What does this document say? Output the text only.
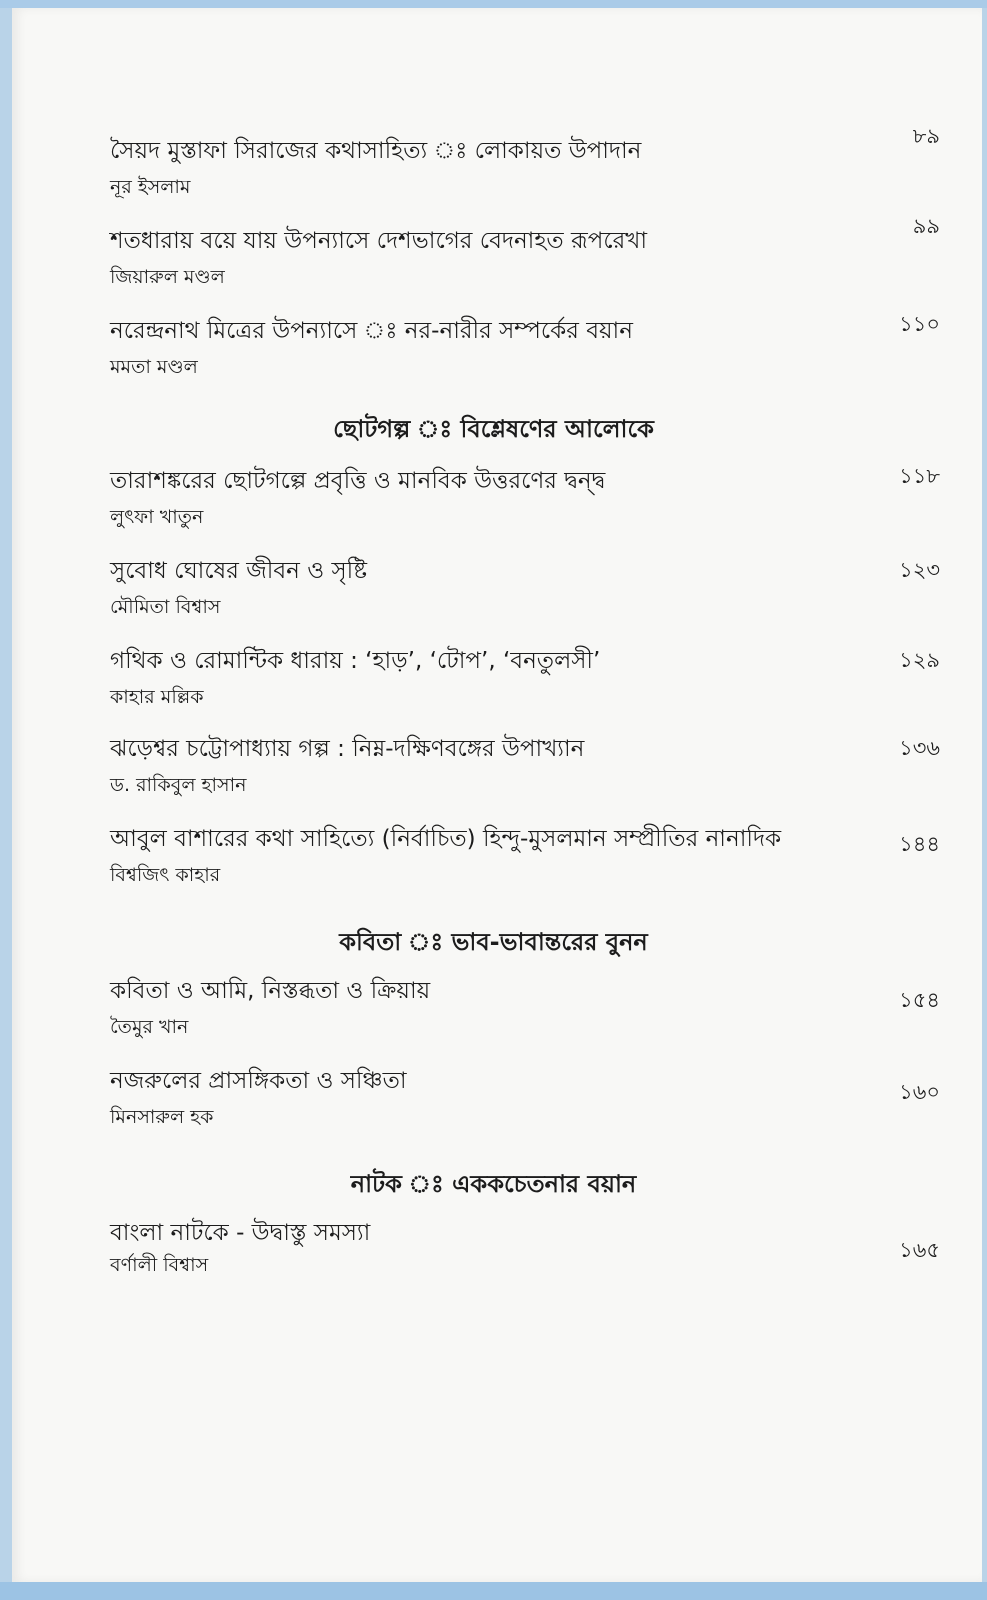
সৈয়দ মুস্তাফা সিরাজের কথাসাহিত্য ঃ লোকায়ত উপাদান
নূর ইসলাম
৮৯
শতধারায় বয়ে যায় উপন্যাসে দেশভাগের বেদনাহত রূপরেখা
জিয়ারুল মণ্ডল
৯৯
নরেন্দ্রনাথ মিত্রের উপন্যাসে ঃ নর-নারীর সম্পর্কের বয়ান
মমতা মণ্ডল
১১০
ছোটগল্প ঃ বিশ্লেষণের আলোকে
তারাশঙ্করের ছোটগল্পে প্রবৃত্তি ও মানবিক উত্তরণের দ্বন্দ্ব
লুৎফা খাতুন
১১৮
সুবোধ ঘোষের জীবন ও সৃষ্টি
মৌমিতা বিশ্বাস
১২৩
গথিক ও রোমান্টিক ধারায় : ‘হাড়’, ‘টোপ’, ‘বনতুলসী’
কাহার মল্লিক
১২৯
ঝড়েশ্বর চট্টোপাধ্যায় গল্প : নিম্ন-দক্ষিণবঙ্গের উপাখ্যান
ড. রাকিবুল হাসান
১৩৬
আবুল বাশারের কথা সাহিত্যে (নির্বাচিত) হিন্দু-মুসলমান সম্প্রীতির নানাদিক
বিশ্বজিৎ কাহার
১৪৪
কবিতা ঃ ভাব-ভাবান্তরের বুনন
কবিতা ও আমি, নিস্তব্ধতা ও ক্রিয়ায়
তৈমুর খান
১৫৪
নজরুলের প্রাসঙ্গিকতা ও সঞ্চিতা
মিনসারুল হক
১৬০
নাটক ঃ এককচেতনার বয়ান
বাংলা নাটকে - উদ্বাস্তু সমস্যা
বর্ণালী বিশ্বাস
১৬৫
